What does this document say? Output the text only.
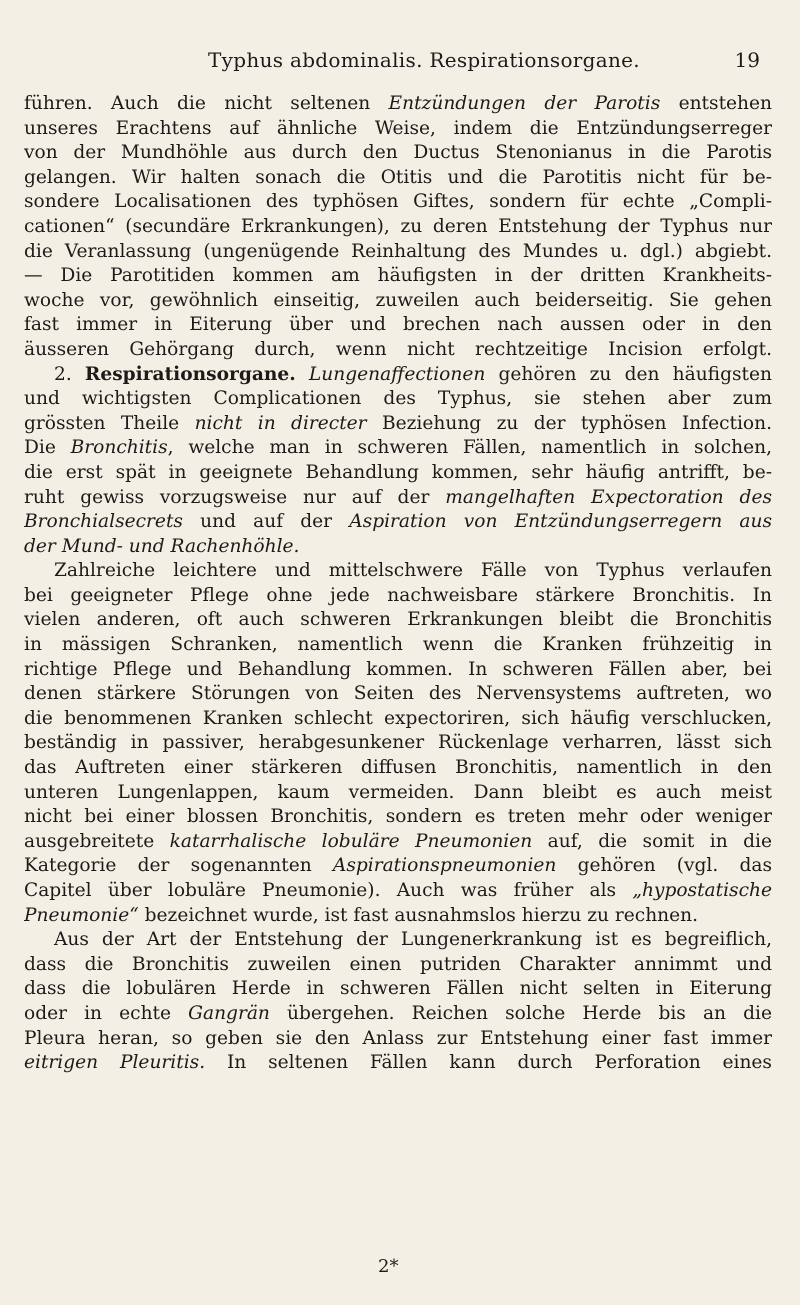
Typhus abdominalis. Respirationsorgane.	19
führen. Auch die nicht seltenen Entzündungen der Parotis entstehen
unseres Erachtens auf ähnliche Weise, indem die Entzündungserreger
von der Mundhöhle aus durch den Ductus Stenonianus in die Parotis
gelangen. Wir halten sonach die Otitis und die Parotitis nicht für be-
sondere Localisationen des typhösen Giftes, sondern für echte „Compli-
cationen“ (secundäre Erkrankungen), zu deren Entstehung der Typhus nur
die Veranlassung (ungenügende Reinhaltung des Mundes u. dgl.) abgiebt.
— Die Parotitiden kommen am häufigsten in der dritten Krankheits-
woche vor, gewöhnlich einseitig, zuweilen auch beiderseitig. Sie gehen
fast immer in Eiterung über und brechen nach aussen oder in den
äusseren Gehörgang durch, wenn nicht rechtzeitige Incision erfolgt.
2. Respirationsorgane. Lungenaffectionen gehören zu den häufigsten
und wichtigsten Complicationen des Typhus, sie stehen aber zum
grössten Theile nicht in directer Beziehung zu der typhösen Infection.
Die Bronchitis, welche man in schweren Fällen, namentlich in solchen,
die erst spät in geeignete Behandlung kommen, sehr häufig antrifft, be-
ruht gewiss vorzugsweise nur auf der mangelhaften Expectoration des
Bronchialsecrets und auf der Aspiration von Entzündungserregern aus
der Mund- und Rachenhöhle.
Zahlreiche leichtere und mittelschwere Fälle von Typhus verlaufen
bei geeigneter Pflege ohne jede nachweisbare stärkere Bronchitis. In
vielen anderen, oft auch schweren Erkrankungen bleibt die Bronchitis
in mässigen Schranken, namentlich wenn die Kranken frühzeitig in
richtige Pflege und Behandlung kommen. In schweren Fällen aber, bei
denen stärkere Störungen von Seiten des Nervensystems auftreten, wo
die benommenen Kranken schlecht expectoriren, sich häufig verschlucken,
beständig in passiver, herabgesunkener Rückenlage verharren, lässt sich
das Auftreten einer stärkeren diffusen Bronchitis, namentlich in den
unteren Lungenlappen, kaum vermeiden. Dann bleibt es auch meist
nicht bei einer blossen Bronchitis, sondern es treten mehr oder weniger
ausgebreitete katarrhalische lobuläre Pneumonien auf, die somit in die
Kategorie der sogenannten Aspirationspneumonien gehören (vgl. das
Capitel über lobuläre Pneumonie). Auch was früher als „hypostatische
Pneumonie“ bezeichnet wurde, ist fast ausnahmslos hierzu zu rechnen.
Aus der Art der Entstehung der Lungenerkrankung ist es begreiflich,
dass die Bronchitis zuweilen einen putriden Charakter annimmt und
dass die lobulären Herde in schweren Fällen nicht selten in Eiterung
oder in echte Gangrän übergehen. Reichen solche Herde bis an die
Pleura heran, so geben sie den Anlass zur Entstehung einer fast immer
eitrigen Pleuritis. In seltenen Fällen kann durch Perforation eines
2*
